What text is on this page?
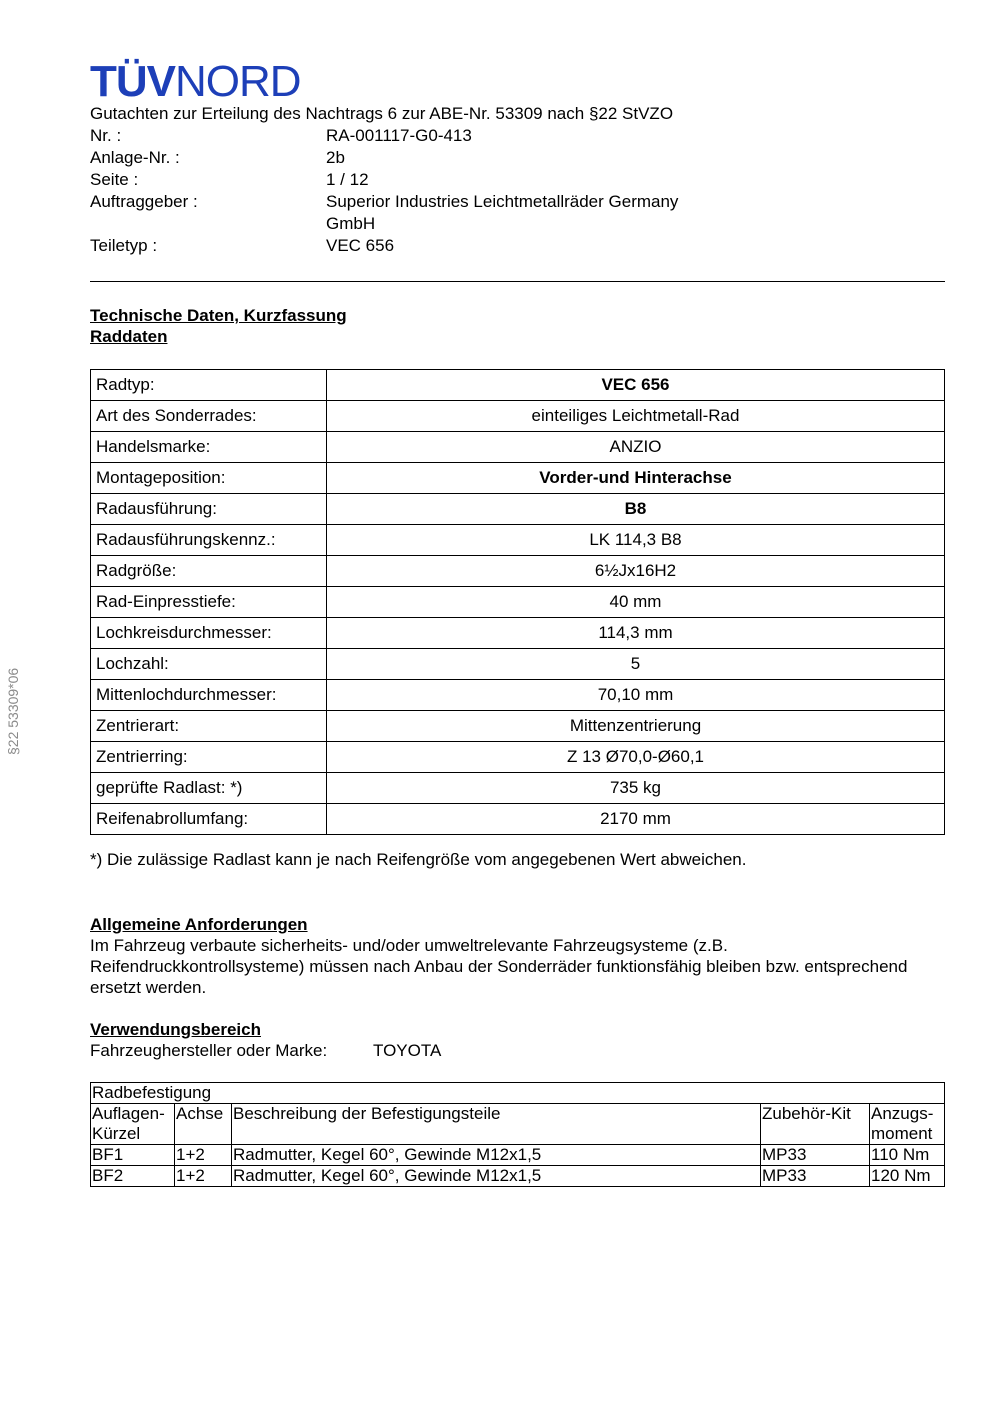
TÜVNORD
Gutachten zur Erteilung des Nachtrags 6 zur ABE-Nr. 53309 nach §22 StVZO
Nr. :	RA-001117-G0-413
Anlage-Nr. :	2b
Seite :	1 / 12
Auftraggeber :	Superior Industries Leichtmetallräder Germany GmbH
Teiletyp :	VEC 656
Technische Daten, Kurzfassung
Raddaten
Radtyp:	VEC 656
Art des Sonderrades:	einteiliges Leichtmetall-Rad
Handelsmarke:	ANZIO
Montageposition:	Vorder-und Hinterachse
Radausführung:	B8
Radausführungskennz.:	LK 114,3 B8
Radgröße:	6½Jx16H2
Rad-Einpresstiefe:	40 mm
Lochkreisdurchmesser:	114,3 mm
Lochzahl:	5
Mittenlochdurchmesser:	70,10 mm
Zentrierart:	Mittenzentrierung
Zentrierring:	Z 13 Ø70,0-Ø60,1
geprüfte Radlast: *)	735 kg
Reifenabrollumfang:	2170 mm
*) Die zulässige Radlast kann je nach Reifengröße vom angegebenen Wert abweichen.
Allgemeine Anforderungen
Im Fahrzeug verbaute sicherheits- und/oder umweltrelevante Fahrzeugsysteme (z.B. Reifendruckkontrollsysteme) müssen nach Anbau der Sonderräder funktionsfähig bleiben bzw. entsprechend ersetzt werden.
Verwendungsbereich
Fahrzeughersteller oder Marke:	TOYOTA
Radbefestigung				
Auflagen-
Kürzel	Achse	Beschreibung der Befestigungsteile	Zubehör-Kit	Anzugs-
moment
BF1	1+2	Radmutter, Kegel 60°, Gewinde M12x1,5	MP33	110 Nm
BF2	1+2	Radmutter, Kegel 60°, Gewinde M12x1,5	MP33	120 Nm
§22 53309*06
